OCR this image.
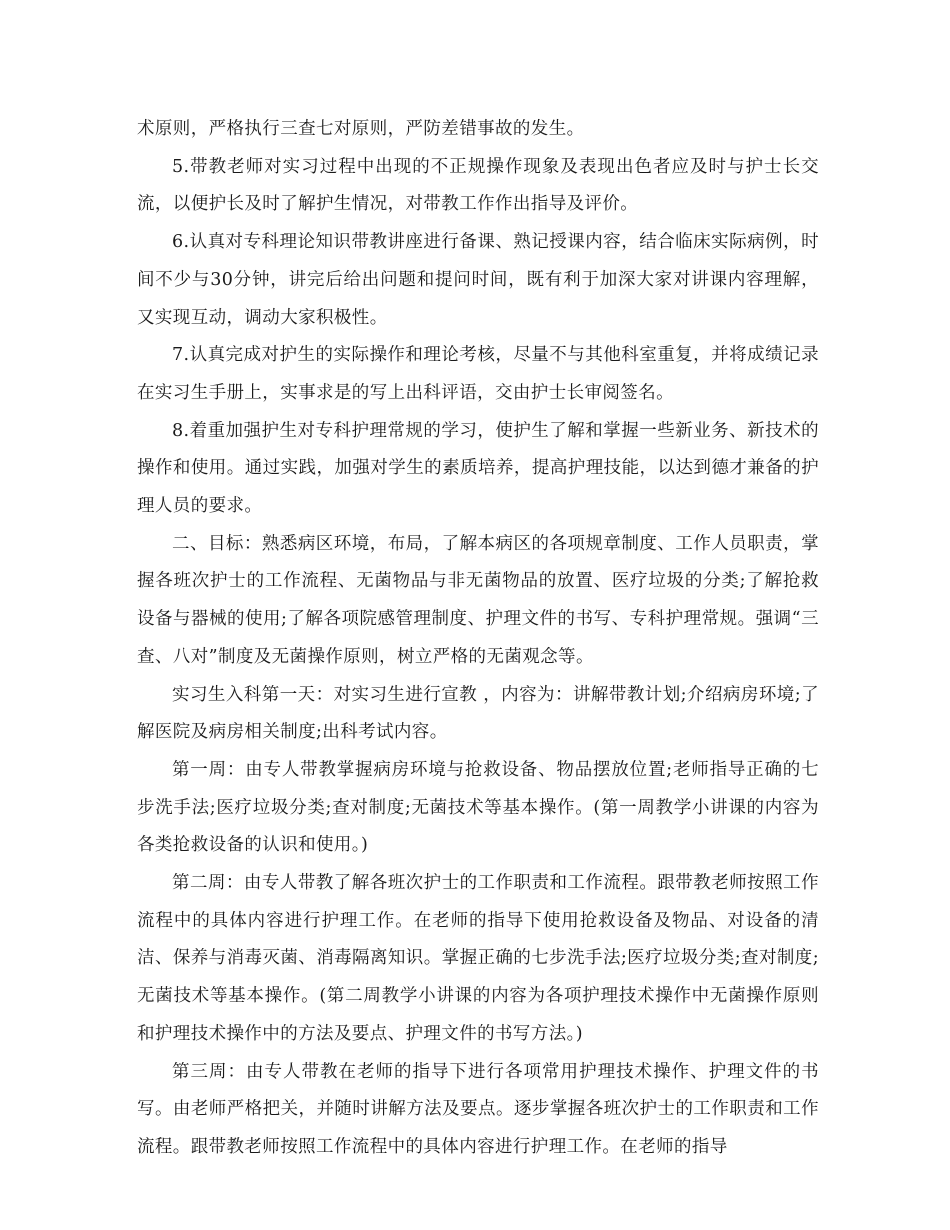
术原则，严格执行三查七对原则，严防差错事故的发生。

5.带教老师对实习过程中出现的不正规操作现象及表现出色者应及时与护士长交流，以便护长及时了解护生情况，对带教工作作出指导及评价。

6.认真对专科理论知识带教讲座进行备课、熟记授课内容，结合临床实际病例，时间不少与30分钟，讲完后给出问题和提问时间，既有利于加深大家对讲课内容理解，又实现互动，调动大家积极性。

7.认真完成对护生的实际操作和理论考核，尽量不与其他科室重复，并将成绩记录在实习生手册上，实事求是的写上出科评语，交由护士长审阅签名。

8.着重加强护生对专科护理常规的学习，使护生了解和掌握一些新业务、新技术的操作和使用。通过实践，加强对学生的素质培养，提高护理技能，以达到德才兼备的护理人员的要求。

二、目标：熟悉病区环境，布局，了解本病区的各项规章制度、工作人员职责，掌握各班次护士的工作流程、无菌物品与非无菌物品的放置、医疗垃圾的分类;了解抢救设备与器械的使用;了解各项院感管理制度、护理文件的书写、专科护理常规。强调“三查、八对”制度及无菌操作原则，树立严格的无菌观念等。

实习生入科第一天：对实习生进行宣教 ，内容为：讲解带教计划;介绍病房环境;了解医院及病房相关制度;出科考试内容。

第一周：由专人带教掌握病房环境与抢救设备、物品摆放位置;老师指导正确的七步洗手法;医疗垃圾分类;查对制度;无菌技术等基本操作。(第一周教学小讲课的内容为各类抢救设备的认识和使用。)

第二周：由专人带教了解各班次护士的工作职责和工作流程。跟带教老师按照工作流程中的具体内容进行护理工作。在老师的指导下使用抢救设备及物品、对设备的清洁、保养与消毒灭菌、消毒隔离知识。掌握正确的七步洗手法;医疗垃圾分类;查对制度;无菌技术等基本操作。(第二周教学小讲课的内容为各项护理技术操作中无菌操作原则和护理技术操作中的方法及要点、护理文件的书写方法。)

第三周：由专人带教在老师的指导下进行各项常用护理技术操作、护理文件的书写。由老师严格把关，并随时讲解方法及要点。逐步掌握各班次护士的工作职责和工作流程。跟带教老师按照工作流程中的具体内容进行护理工作。在老师的指导
